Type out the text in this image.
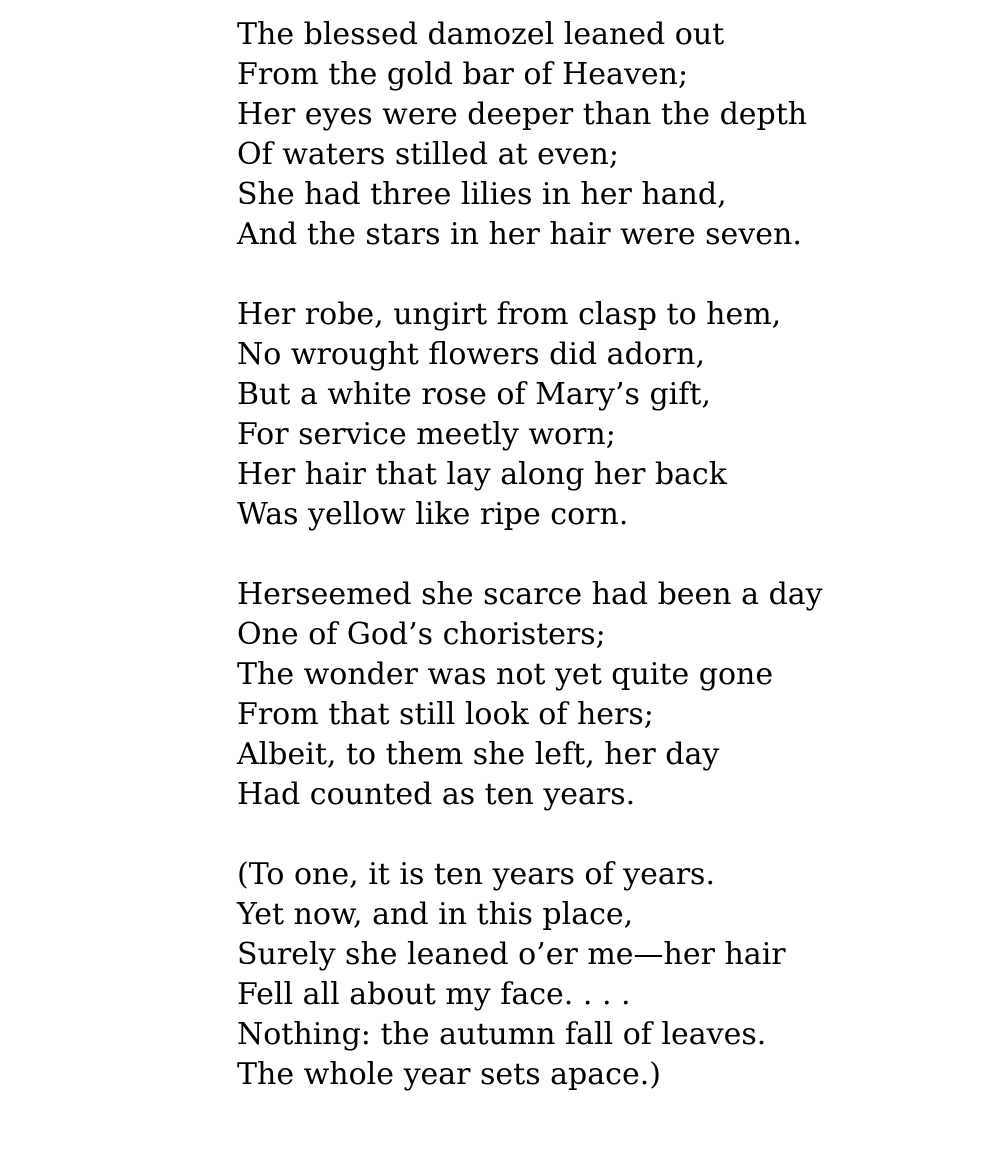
The blessed damozel leaned out
From the gold bar of Heaven;
Her eyes were deeper than the depth
Of waters stilled at even;
She had three lilies in her hand,
And the stars in her hair were seven.
Her robe, ungirt from clasp to hem,
No wrought flowers did adorn,
But a white rose of Mary’s gift,
For service meetly worn;
Her hair that lay along her back
Was yellow like ripe corn.
Herseemed she scarce had been a day
One of God’s choristers;
The wonder was not yet quite gone
From that still look of hers;
Albeit, to them she left, her day
Had counted as ten years.
(To one, it is ten years of years.
Yet now, and in this place,
Surely she leaned o’er me—her hair
Fell all about my face. . . .
Nothing: the autumn fall of leaves.
The whole year sets apace.)
